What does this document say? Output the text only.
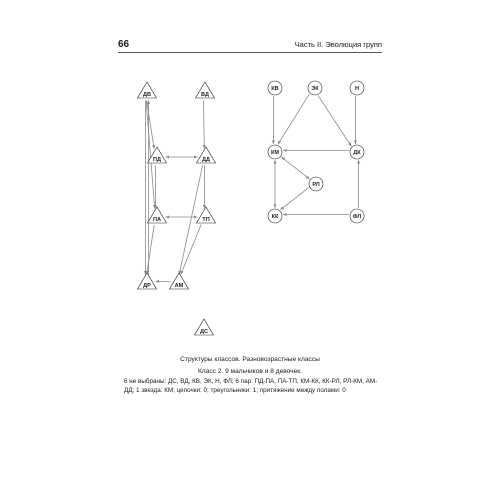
66	Часть II. Эволюция групп
ДВ	ВД
ПД	ДД
ПА	ТП
ДР	АМ
ДС
КВ	ЭК	Н
КМ	ДК
РЛ
КК	ФЛ
Структуры классов. Разновозрастные классы
Класс 2. 9 мальчиков и 8 девочек.
6 не выбраны: ДС, ВД, КВ, ЭК, Н, ФЛ; 6 пар: ПД-ПА, ПА-ТП, КМ-КК, КК-РЛ, РЛ-КМ, АМ-ДД; 1 звезда: КМ; цепочки: 0; треугольники: 1; притяжение между полами: 0
